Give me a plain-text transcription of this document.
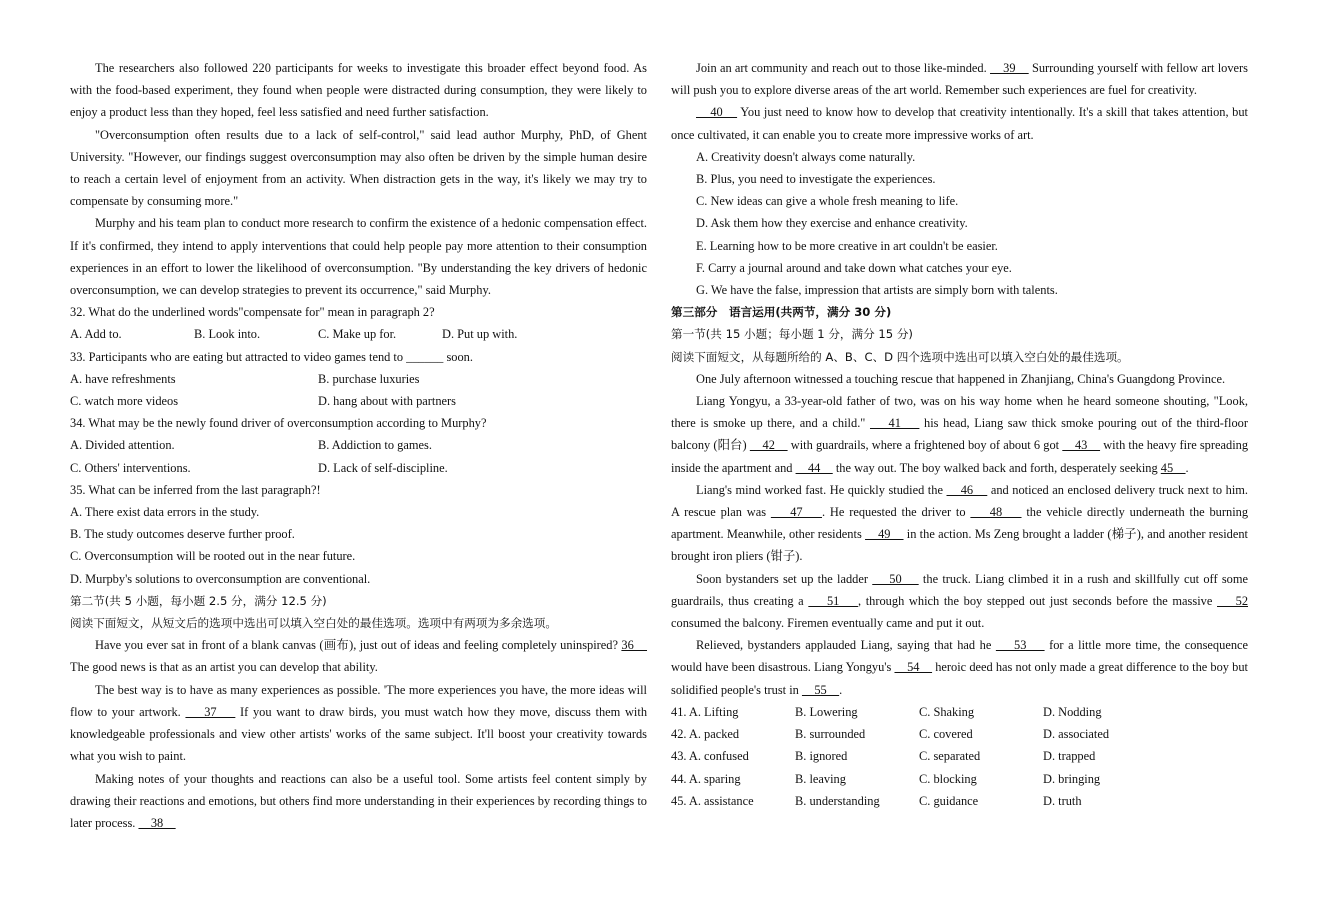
The researchers also followed 220 participants for weeks to investigate this broader effect beyond food. As with the food-based experiment, they found when people were distracted during consumption, they were likely to enjoy a product less than they hoped, feel less satisfied and need further satisfaction.

"Overconsumption often results due to a lack of self-control," said lead author Murphy, PhD, of Ghent University. "However, our findings suggest overconsumption may also often be driven by the simple human desire to reach a certain level of enjoyment from an activity. When distraction gets in the way, it's likely we may try to compensate by consuming more."

Murphy and his team plan to conduct more research to confirm the existence of a hedonic compensation effect. If it's confirmed, they intend to apply interventions that could help people pay more attention to their consumption experiences in an effort to lower the likelihood of overconsumption. "By understanding the key drivers of hedonic overconsumption, we can develop strategies to prevent its occurrence," said Murphy.

32. What do the underlined words"compensate for" mean in paragraph 2?

A. Add to.	B. Look into.	C. Make up for.	D. Put up with.

33. Participants who are eating but attracted to video games tend to ______ soon.

A. have refreshments	B. purchase luxuries
C. watch more videos	D. hang about with partners

34. What may be the newly found driver of overconsumption according to Murphy?

A. Divided attention.	B. Addiction to games.
C. Others' interventions.	D. Lack of self-discipline.

35. What can be inferred from the last paragraph?!

A. There exist data errors in the study.

B. The study outcomes deserve further proof.

C. Overconsumption will be rooted out in the near future.

D. Murpby's solutions to overconsumption are conventional.

第二节(共 5 小题，每小题 2.5 分，满分 12.5 分)

阅读下面短文，从短文后的选项中选出可以填入空白处的最佳选项。选项中有两项为多余选项。

Have you ever sat in front of a blank canvas (画布), just out of ideas and feeling completely uninspired? 36     The good news is that as an artist you can develop that ability.

The best way is to have as many experiences as possible. 'The more experiences you have, the more ideas will flow to your artwork.     37     If you want to draw birds, you must watch how they move, discuss them with knowledgeable professionals and view other artists' works of the same subject. It'll boost your creativity towards what you wish to paint.

Making notes of your thoughts and reactions can also be a useful tool. Some artists feel content simply by drawing their reactions and emotions, but others find more understanding in their experiences by recording things to later process.     38

Join an art community and reach out to those like-minded.     39     Surrounding yourself with fellow art lovers will push you to explore diverse areas of the art world. Remember such experiences are fuel for creativity.

40     You just need to know how to develop that creativity intentionally. It's a skill that takes attention, but once cultivated, it can enable you to create more impressive works of art.

A. Creativity doesn't always come naturally.

B. Plus, you need to investigate the experiences.

C. New ideas can give a whole fresh meaning to life.

D. Ask them how they exercise and enhance creativity.

E. Learning how to be more creative in art couldn't be easier.

F. Carry a journal around and take down what catches your eye.

G. We have the false, impression that artists are simply born with talents.

第三部分　语言运用(共两节，满分 30 分)

第一节(共 15 小题；每小题 1 分，满分 15 分)

阅读下面短文，从每题所给的 A、B、C、D 四个选项中选出可以填入空白处的最佳选项。

One July afternoon witnessed a touching rescue that happened in Zhanjiang, China's Guangdong Province.

Liang Yongyu, a 33-year-old father of two, was on his way home when he heard someone shouting, "Look, there is smoke up there, and a child."     41     his head, Liang saw thick smoke pouring out of the third-floor balcony (阳台)     42     with guardrails, where a frightened boy of about 6 got     43     with the heavy fire spreading inside the apartment and     44     the way out. The boy walked back and forth, desperately seeking 45    .

Liang's mind worked fast. He quickly studied the     46     and noticed an enclosed delivery truck next to him. A rescue plan was     47    . He requested the driver to     48     the vehicle directly underneath the burning apartment. Meanwhile, other residents     49     in the action. Ms Zeng brought a ladder (梯子), and another resident brought iron pliers (钳子).

Soon bystanders set up the ladder     50     the truck. Liang climbed it in a rush and skillfully cut off some guardrails, thus creating a     51    , through which the boy stepped out just seconds before the massive     52 consumed the balcony. Firemen eventually came and put it out.

Relieved, bystanders applauded Liang, saying that had he     53     for a little more time, the consequence would have been disastrous. Liang Yongyu's     54     heroic deed has not only made a great difference to the boy but solidified people's trust in     55    .

41. A. Lifting	B. Lowering	C. Shaking	D. Nodding
42. A. packed	B. surrounded	C. covered	D. associated
43. A. confused	B. ignored	C. separated	D. trapped
44. A. sparing	B. leaving	C. blocking	D. bringing
45. A. assistance	B. understanding	C. guidance	D. truth
